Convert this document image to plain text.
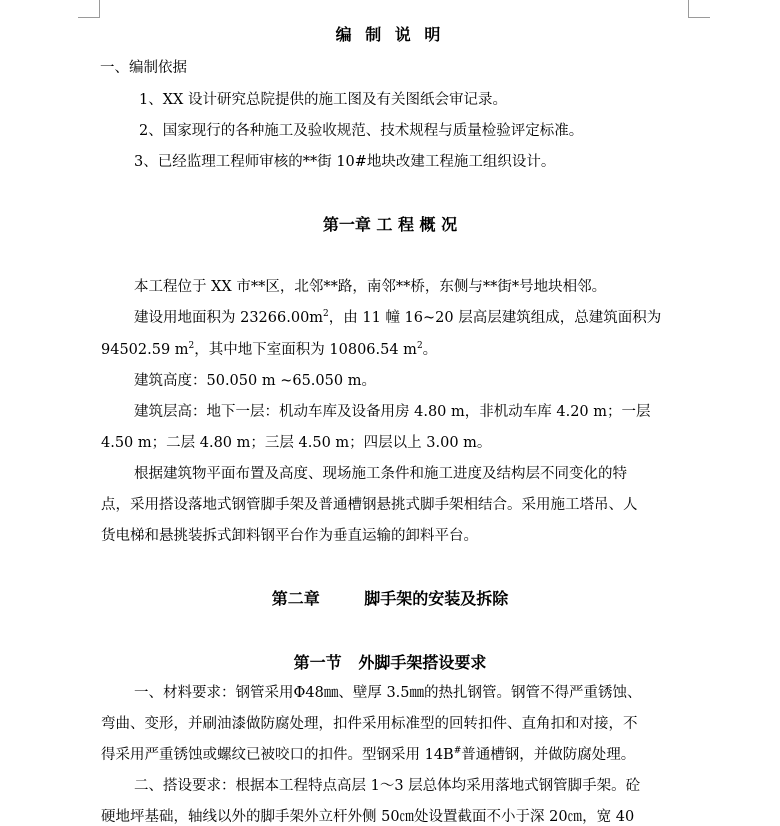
编 制 说 明
一、编制依据
1、XX 设计研究总院提供的施工图及有关图纸会审记录。
2、国家现行的各种施工及验收规范、技术规程与质量检验评定标准。
3、已经监理工程师审核的**街 10#地块改建工程施工组织设计。
第一章 工 程 概 况
本工程位于 XX 市**区，北邻**路，南邻**桥，东侧与**街*号地块相邻。
建设用地面积为 $23266.00m^2$，由 11 幢 16~20 层高层建筑组成，总建筑面积为
94502.59 $m^2$，其中地下室面积为 10806.54 $m^2$。
建筑高度：50.050 m ~65.050 m。
建筑层高：地下一层：机动车库及设备用房 4.80 m，非机动车库 4.20 m；一层
4.50 m；二层 4.80 m；三层 4.50 m；四层以上 3.00 m。
根据建筑物平面布置及高度、现场施工条件和施工进度及结构层不同变化的特
点，采用搭设落地式钢管脚手架及普通槽钢悬挑式脚手架相结合。采用施工塔吊、人
货电梯和悬挑装拆式卸料钢平台作为垂直运输的卸料平台。
第二章        脚手架的安装及拆除
第一节   外脚手架搭设要求
一、材料要求：钢管采用Φ48㎜、壁厚 3.5㎜的热扎钢管。钢管不得严重锈蚀、
弯曲、变形，并刷油漆做防腐处理，扣件采用标准型的回转扣件、直角扣和对接，不
得采用严重锈蚀或螺纹已被咬口的扣件。型钢采用 14B#普通槽钢，并做防腐处理。
二、搭设要求：根据本工程特点高层 1～3 层总体均采用落地式钢管脚手架。砼
硬地坪基础，轴线以外的脚手架外立杆外侧 50㎝处设置截面不小于深 20㎝，宽 40
